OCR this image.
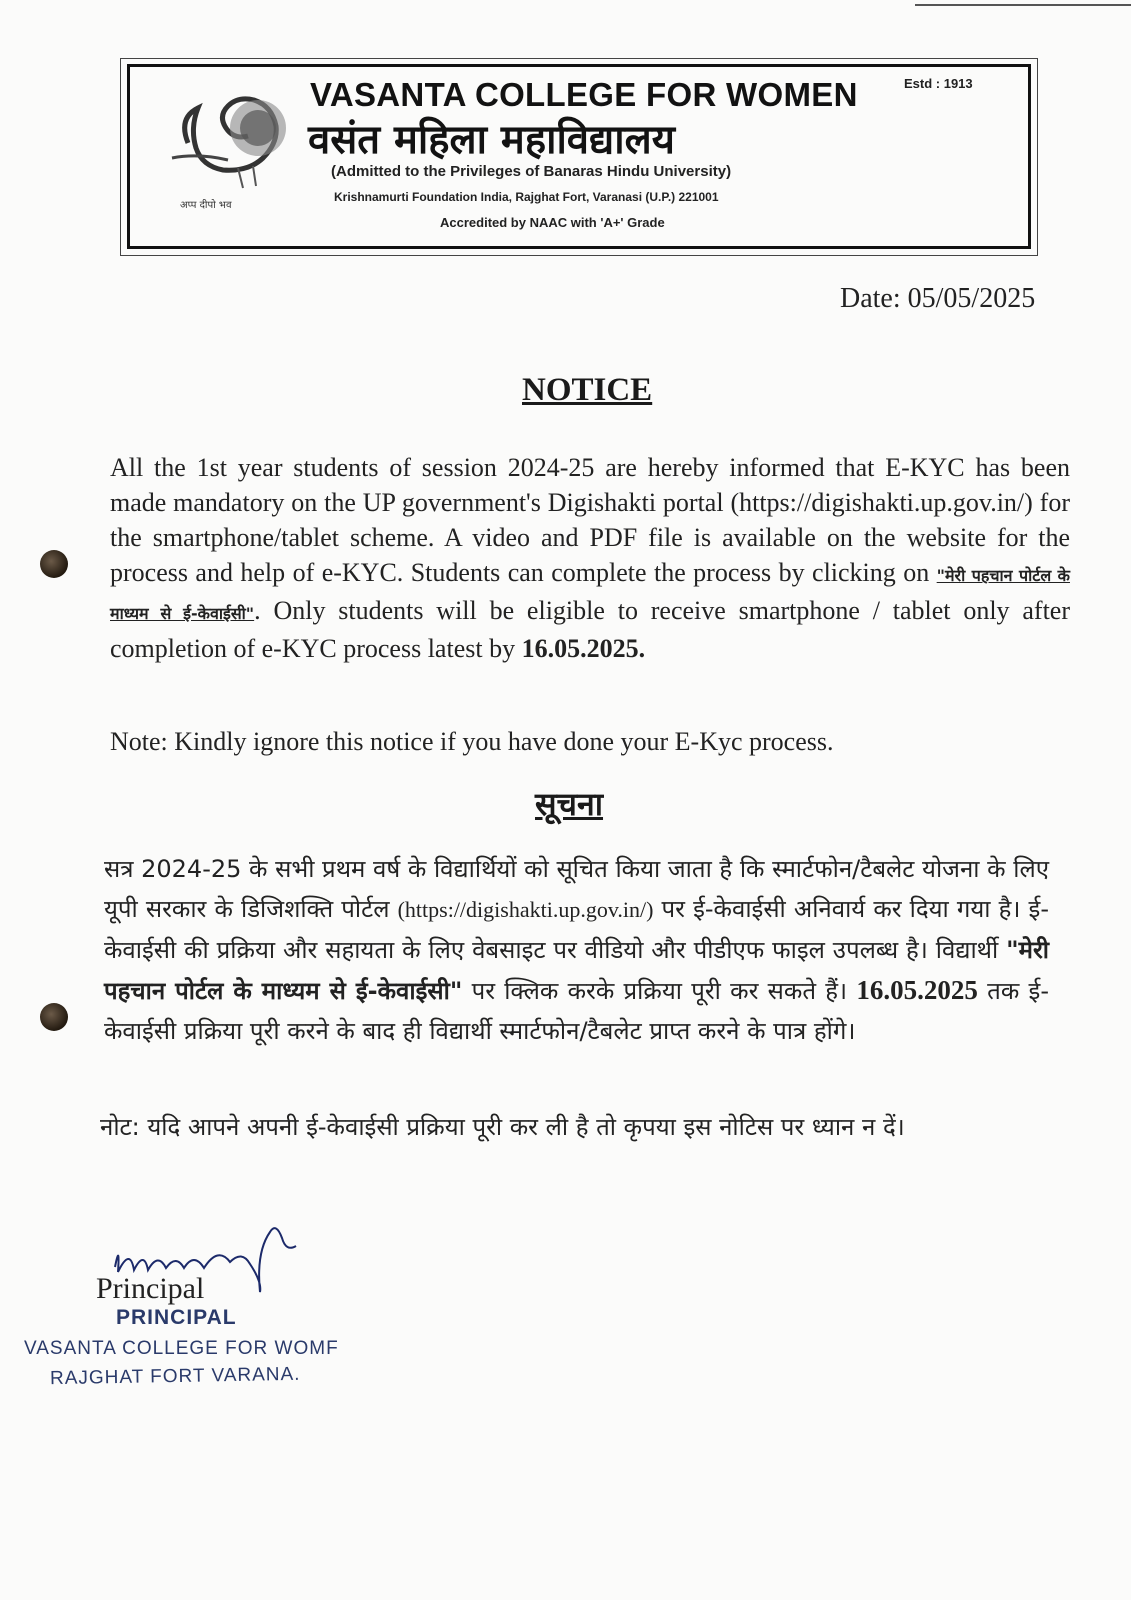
अप्प दीपो भव
VASANTA COLLEGE FOR WOMEN
वसंत महिला महाविद्यालय
Estd : 1913
(Admitted to the Privileges of Banaras Hindu University)
Krishnamurti Foundation India, Rajghat Fort, Varanasi (U.P.) 221001
Accredited by NAAC with 'A+' Grade
Date: 05/05/2025
NOTICE
All the 1st year students of session 2024-25 are hereby informed that E-KYC has been made mandatory on the UP government's Digishakti portal (https://digishakti.up.gov.in/) for the smartphone/tablet scheme. A video and PDF file is available on the website for the process and help of e-KYC. Students can complete the process by clicking on "मेरी पहचान पोर्टल के माध्यम से ई-केवाईसी". Only students will be eligible to receive smartphone / tablet only after completion of e-KYC process latest by 16.05.2025.
Note: Kindly ignore this notice if you have done your E-Kyc process.
सूचना
सत्र 2024-25 के सभी प्रथम वर्ष के विद्यार्थियों को सूचित किया जाता है कि स्मार्टफोन/टैबलेट योजना के लिए यूपी सरकार के डिजिशक्ति पोर्टल (https://digishakti.up.gov.in/) पर ई-केवाईसी अनिवार्य कर दिया गया है। ई-केवाईसी की प्रक्रिया और सहायता के लिए वेबसाइट पर वीडियो और पीडीएफ फाइल उपलब्ध है। विद्यार्थी "मेरी पहचान पोर्टल के माध्यम से ई-केवाईसी" पर क्लिक करके प्रक्रिया पूरी कर सकते हैं। 16.05.2025 तक ई-केवाईसी प्रक्रिया पूरी करने के बाद ही विद्यार्थी स्मार्टफोन/टैबलेट प्राप्त करने के पात्र होंगे।
नोट: यदि आपने अपनी ई-केवाईसी प्रक्रिया पूरी कर ली है तो कृपया इस नोटिस पर ध्यान न दें।
Principal
PRINCIPAL
VASANTA COLLEGE FOR WOMF
RAJGHAT FORT VARANA.
